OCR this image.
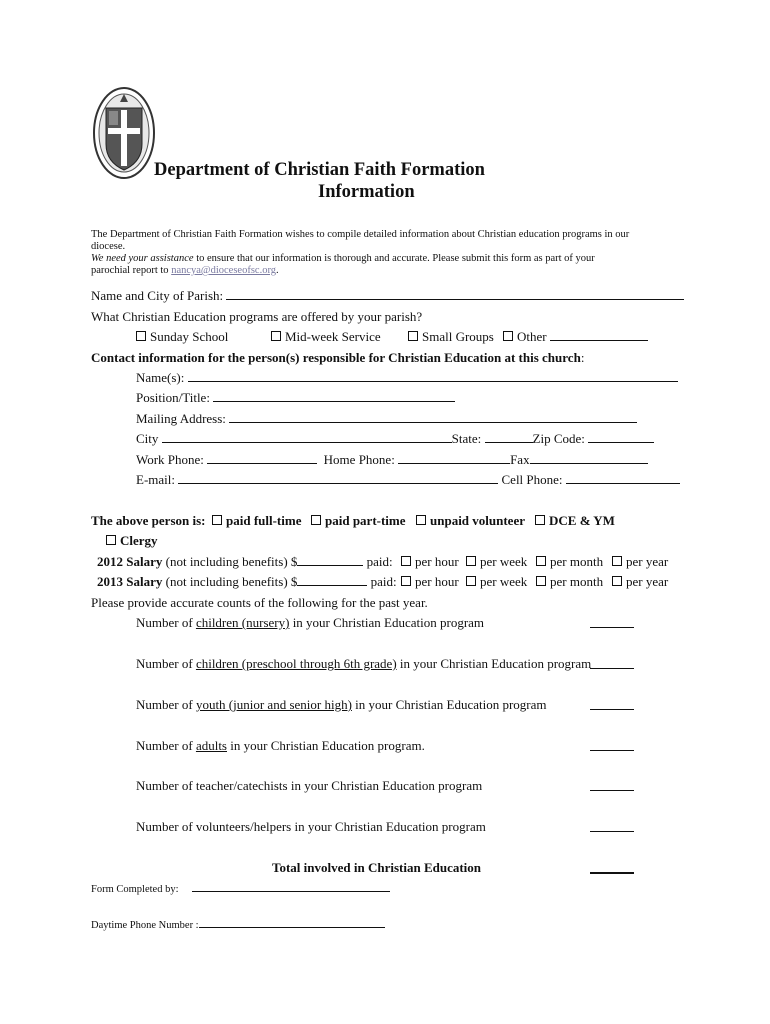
Department of Christian Faith Formation
Information
The Department of Christian Faith Formation wishes to compile detailed information about Christian education programs in our
diocese.
We need your assistance to ensure that our information is thorough and accurate. Please submit this form as part of your
parochial report to nancya@dioceseofsc.org.
Name and City of Parish:
What Christian Education programs are offered by your parish?
Sunday School	Mid-week Service	Small Groups	Other
Contact information for the person(s) responsible for Christian Education at this church:
Name(s):
Position/Title:
Mailing Address:
City	State:	Zip Code:
Work Phone:	Home Phone:	Fax
E-mail:	Cell Phone:
The above person is:	paid full-time	paid part-time	unpaid volunteer	DCE & YM
Clergy
2012 Salary (not including benefits) $	paid:	per hour	per week	per month	per year
2013 Salary (not including benefits) $	paid:	per hour	per week	per month	per year
Please provide accurate counts of the following for the past year.
Number of children (nursery) in your Christian Education program
Number of children (preschool through 6th grade) in your Christian Education program
Number of youth (junior and senior high) in your Christian Education program
Number of adults in your Christian Education program.
Number of teacher/catechists in your Christian Education program
Number of volunteers/helpers in your Christian Education program
Total involved in Christian Education
Form Completed by:
Daytime Phone Number :
